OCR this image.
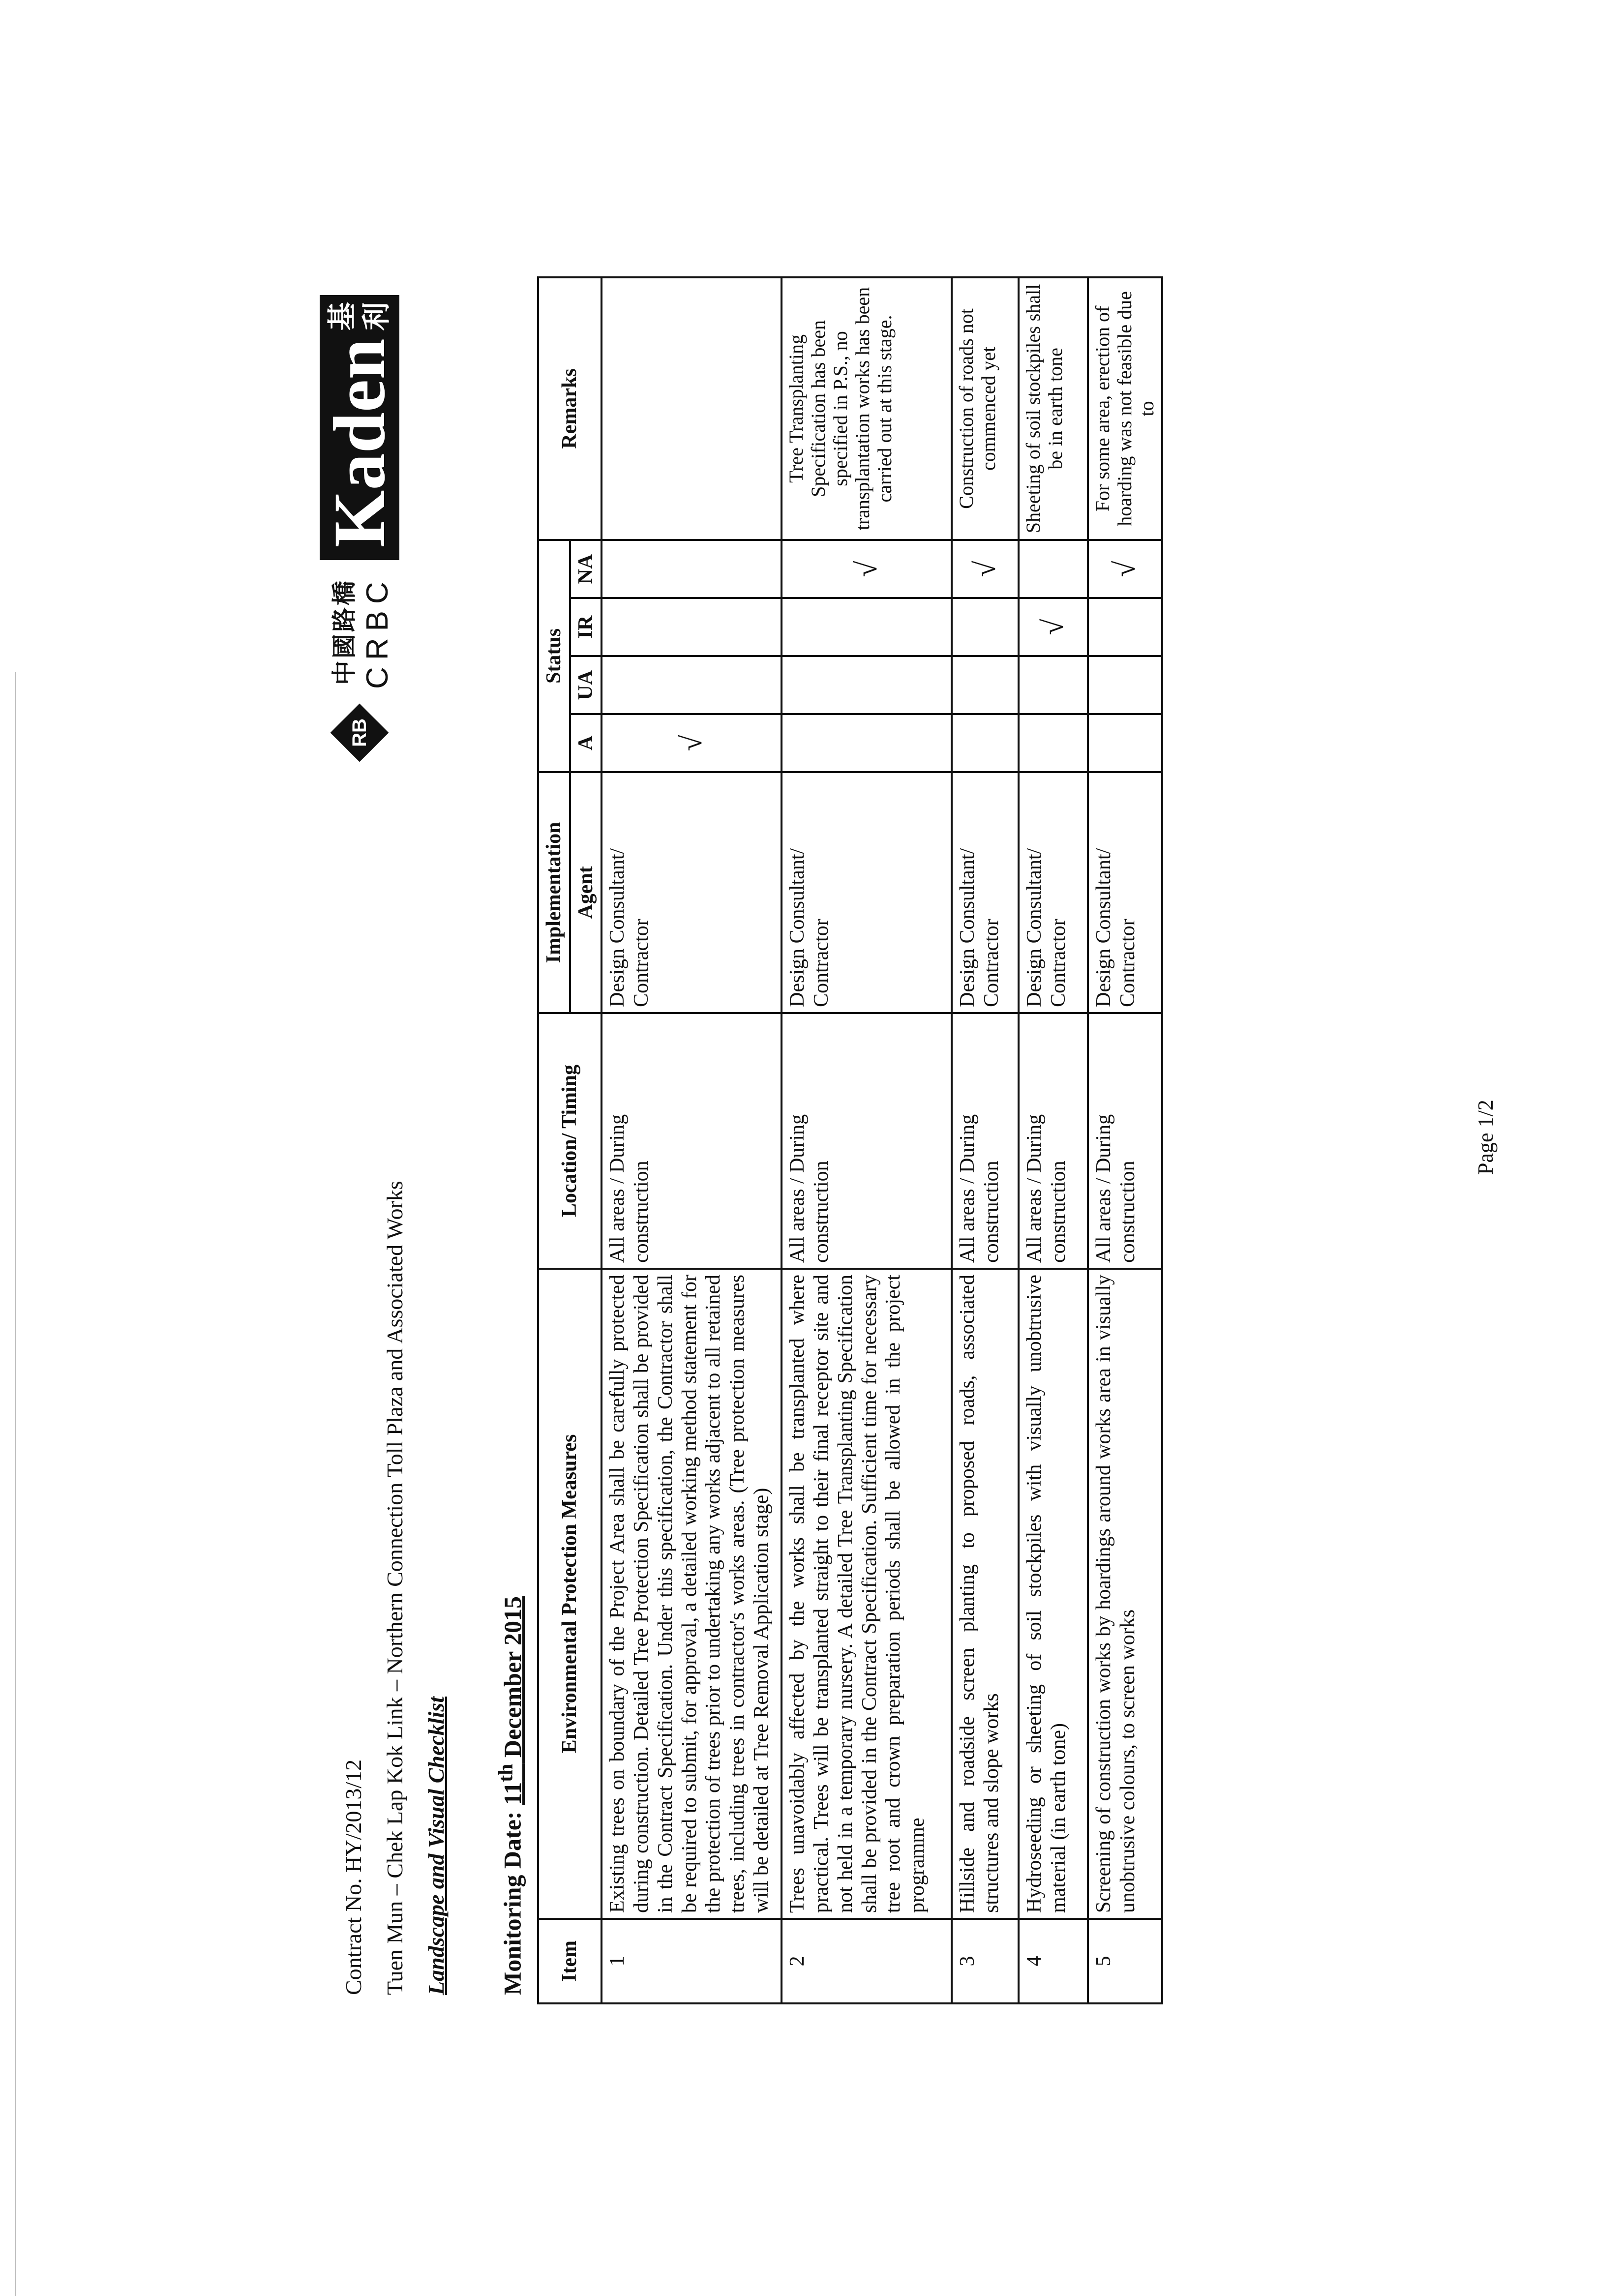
Contract No. HY/2013/12 Tuen Mun – Chek Lap Kok Link – Northern Connection Toll Plaza and Associated Works Landscape and Visual Checklist Monitoring Date: 11th December 2015
RB
中國路橋 CRBC
Kaden
基 利
Item	Environmental Protection Measures	Location/ Timing	Implementation	Status				Remarks
			Agent	A	UA	IR	NA	
1	Existing trees on boundary of the Project Area shall be carefully protected during construction. Detailed Tree Protection Specification shall be provided in the Contract Specification. Under this specification, the Contractor shall be required to submit, for approval, a detailed working method statement for the protection of trees prior to undertaking any works adjacent to all retained trees, including trees in contractor's works areas. (Tree protection measures will be detailed at Tree Removal Application stage)	All areas / During construction	Design Consultant/ Contractor	√				
2	Trees unavoidably affected by the works shall be transplanted where practical. Trees will be transplanted straight to their final receptor site and not held in a temporary nursery. A detailed Tree Transplanting Specification shall be provided in the Contract Specification. Sufficient time for necessary tree root and crown preparation periods shall be allowed in the project programme	All areas / During construction	Design Consultant/ Contractor				√	Tree Transplanting Specification has been specified in P.S., no transplantation works has been carried out at this stage.
3	Hillside and roadside screen planting to proposed roads, associated structures and slope works	All areas / During construction	Design Consultant/ Contractor				√	Construction of roads not commenced yet
4	Hydroseeding or sheeting of soil stockpiles with visually unobtrusive material (in earth tone)	All areas / During construction	Design Consultant/ Contractor			√		Sheeting of soil stockpiles shall be in earth tone
5	Screening of construction works by hoardings around works area in visually unobtrusive colours, to screen works	All areas / During construction	Design Consultant/ Contractor				√	For some area, erection of hoarding was not feasible due to
Page 1/2
